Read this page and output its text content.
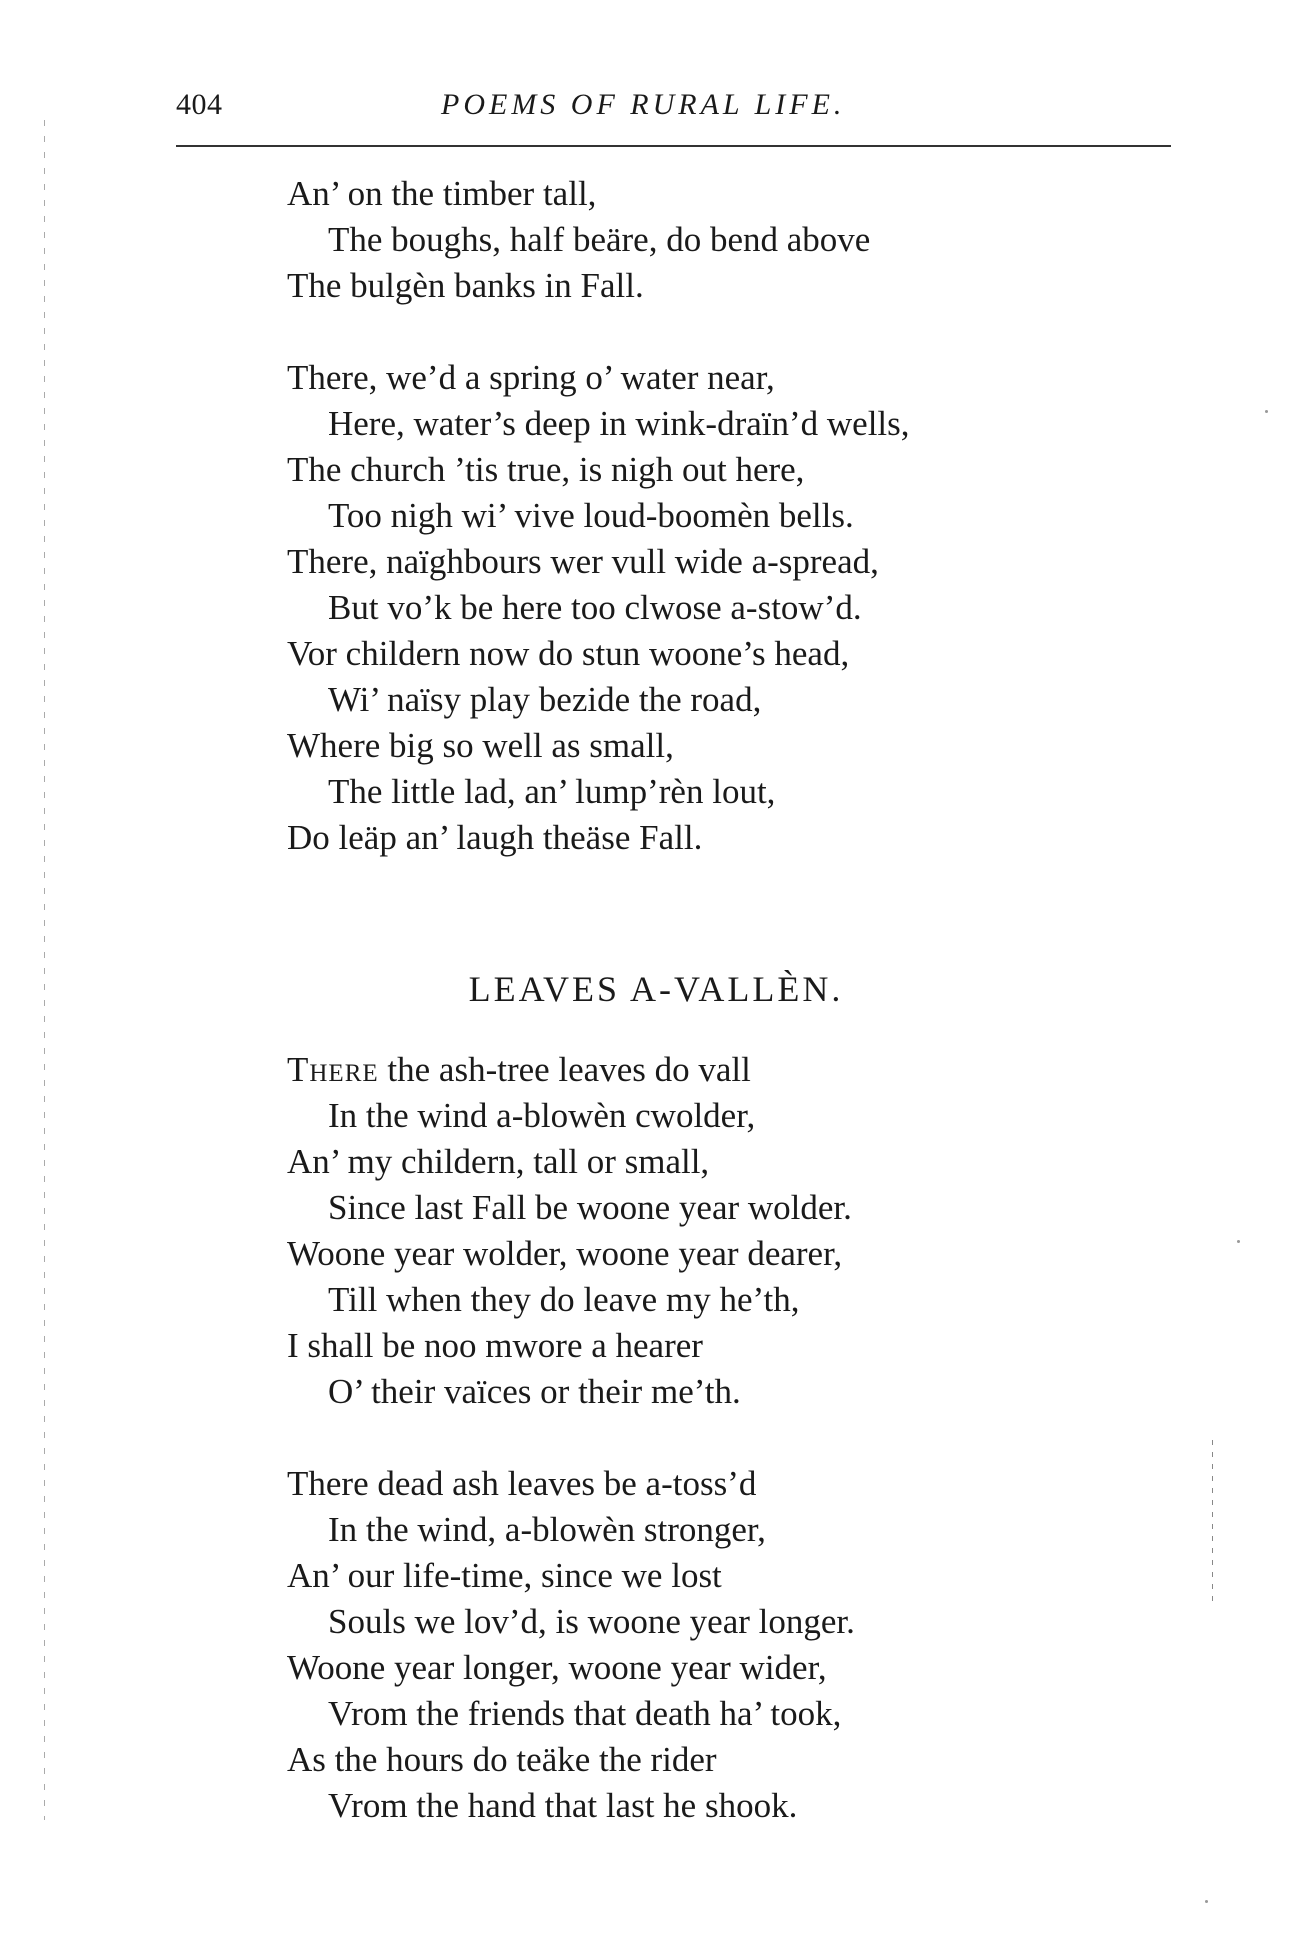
404	POEMS OF RURAL LIFE.
An’ on the timber tall,
The boughs, half beäre, do bend above
The bulgèn banks in Fall.
There, we’d a spring o’ water near,
Here, water’s deep in wink-draïn’d wells,
The church ’tis true, is nigh out here,
Too nigh wi’ vive loud-boomèn bells.
There, naïghbours wer vull wide a-spread,
But vo’k be here too clwose a-stow’d.
Vor childern now do stun woone’s head,
Wi’ naïsy play bezide the road,
Where big so well as small,
The little lad, an’ lump’rèn lout,
Do leäp an’ laugh theäse Fall.
LEAVES A-VALLÈN.
There the ash-tree leaves do vall
In the wind a-blowèn cwolder,
An’ my childern, tall or small,
Since last Fall be woone year wolder.
Woone year wolder, woone year dearer,
Till when they do leave my he’th,
I shall be noo mwore a hearer
O’ their vaïces or their me’th.
There dead ash leaves be a-toss’d
In the wind, a-blowèn stronger,
An’ our life-time, since we lost
Souls we lov’d, is woone year longer.
Woone year longer, woone year wider,
Vrom the friends that death ha’ took,
As the hours do teäke the rider
Vrom the hand that last he shook.
